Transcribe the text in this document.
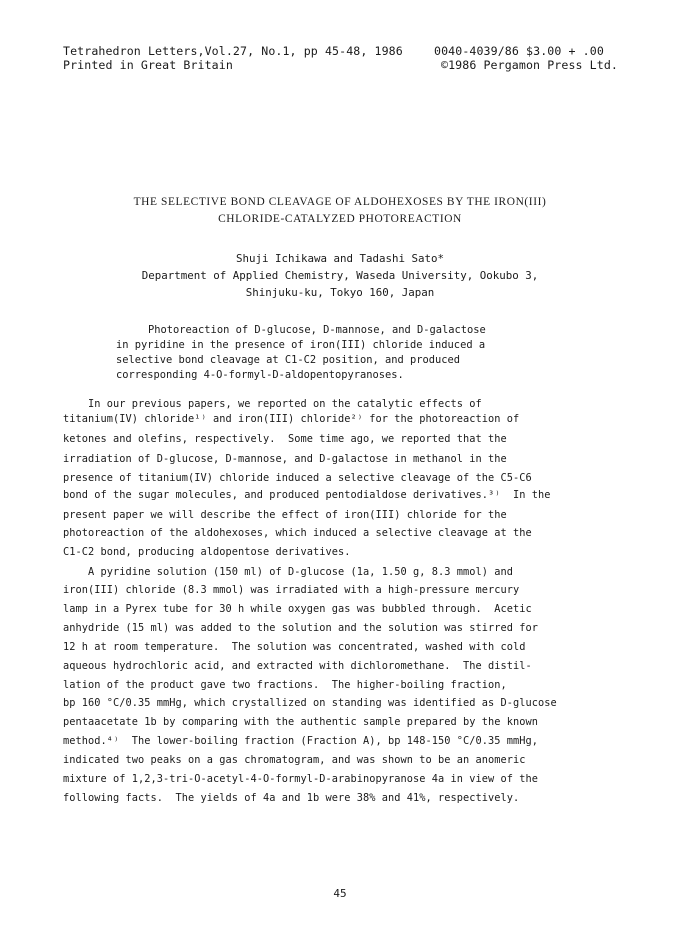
Tetrahedron Letters,Vol.27, No.1, pp 45-48, 1986
Printed in Great Britain
0040-4039/86 $3.00 + .00
©1986 Pergamon Press Ltd.
THE SELECTIVE BOND CLEAVAGE OF ALDOHEXOSES BY THE IRON(III)
CHLORIDE-CATALYZED PHOTOREACTION
Shuji Ichikawa and Tadashi Sato*
Department of Applied Chemistry, Waseda University, Ookubo 3,
Shinjuku-ku, Tokyo 160, Japan
Photoreaction of D-glucose, D-mannose, and D-galactose
in pyridine in the presence of iron(III) chloride induced a
selective bond cleavage at C1-C2 position, and produced
corresponding 4-O-formyl-D-aldopentopyranoses.
In our previous papers, we reported on the catalytic effects of
titanium(IV) chloride¹⁾ and iron(III) chloride²⁾ for the photoreaction of
ketones and olefins, respectively.  Some time ago, we reported that the
irradiation of D-glucose, D-mannose, and D-galactose in methanol in the
presence of titanium(IV) chloride induced a selective cleavage of the C5-C6
bond of the sugar molecules, and produced pentodialdose derivatives.³⁾  In the
present paper we will describe the effect of iron(III) chloride for the
photoreaction of the aldohexoses, which induced a selective cleavage at the
C1-C2 bond, producing aldopentose derivatives.
A pyridine solution (150 ml) of D-glucose (1a, 1.50 g, 8.3 mmol) and
iron(III) chloride (8.3 mmol) was irradiated with a high-pressure mercury
lamp in a Pyrex tube for 30 h while oxygen gas was bubbled through.  Acetic
anhydride (15 ml) was added to the solution and the solution was stirred for
12 h at room temperature.  The solution was concentrated, washed with cold
aqueous hydrochloric acid, and extracted with dichloromethane.  The distil-
lation of the product gave two fractions.  The higher-boiling fraction,
bp 160 °C/0.35 mmHg, which crystallized on standing was identified as D-glucose
pentaacetate 1b by comparing with the authentic sample prepared by the known
method.⁴⁾  The lower-boiling fraction (Fraction A), bp 148-150 °C/0.35 mmHg,
indicated two peaks on a gas chromatogram, and was shown to be an anomeric
mixture of 1,2,3-tri-O-acetyl-4-O-formyl-D-arabinopyranose 4a in view of the
following facts.  The yields of 4a and 1b were 38% and 41%, respectively.
45
